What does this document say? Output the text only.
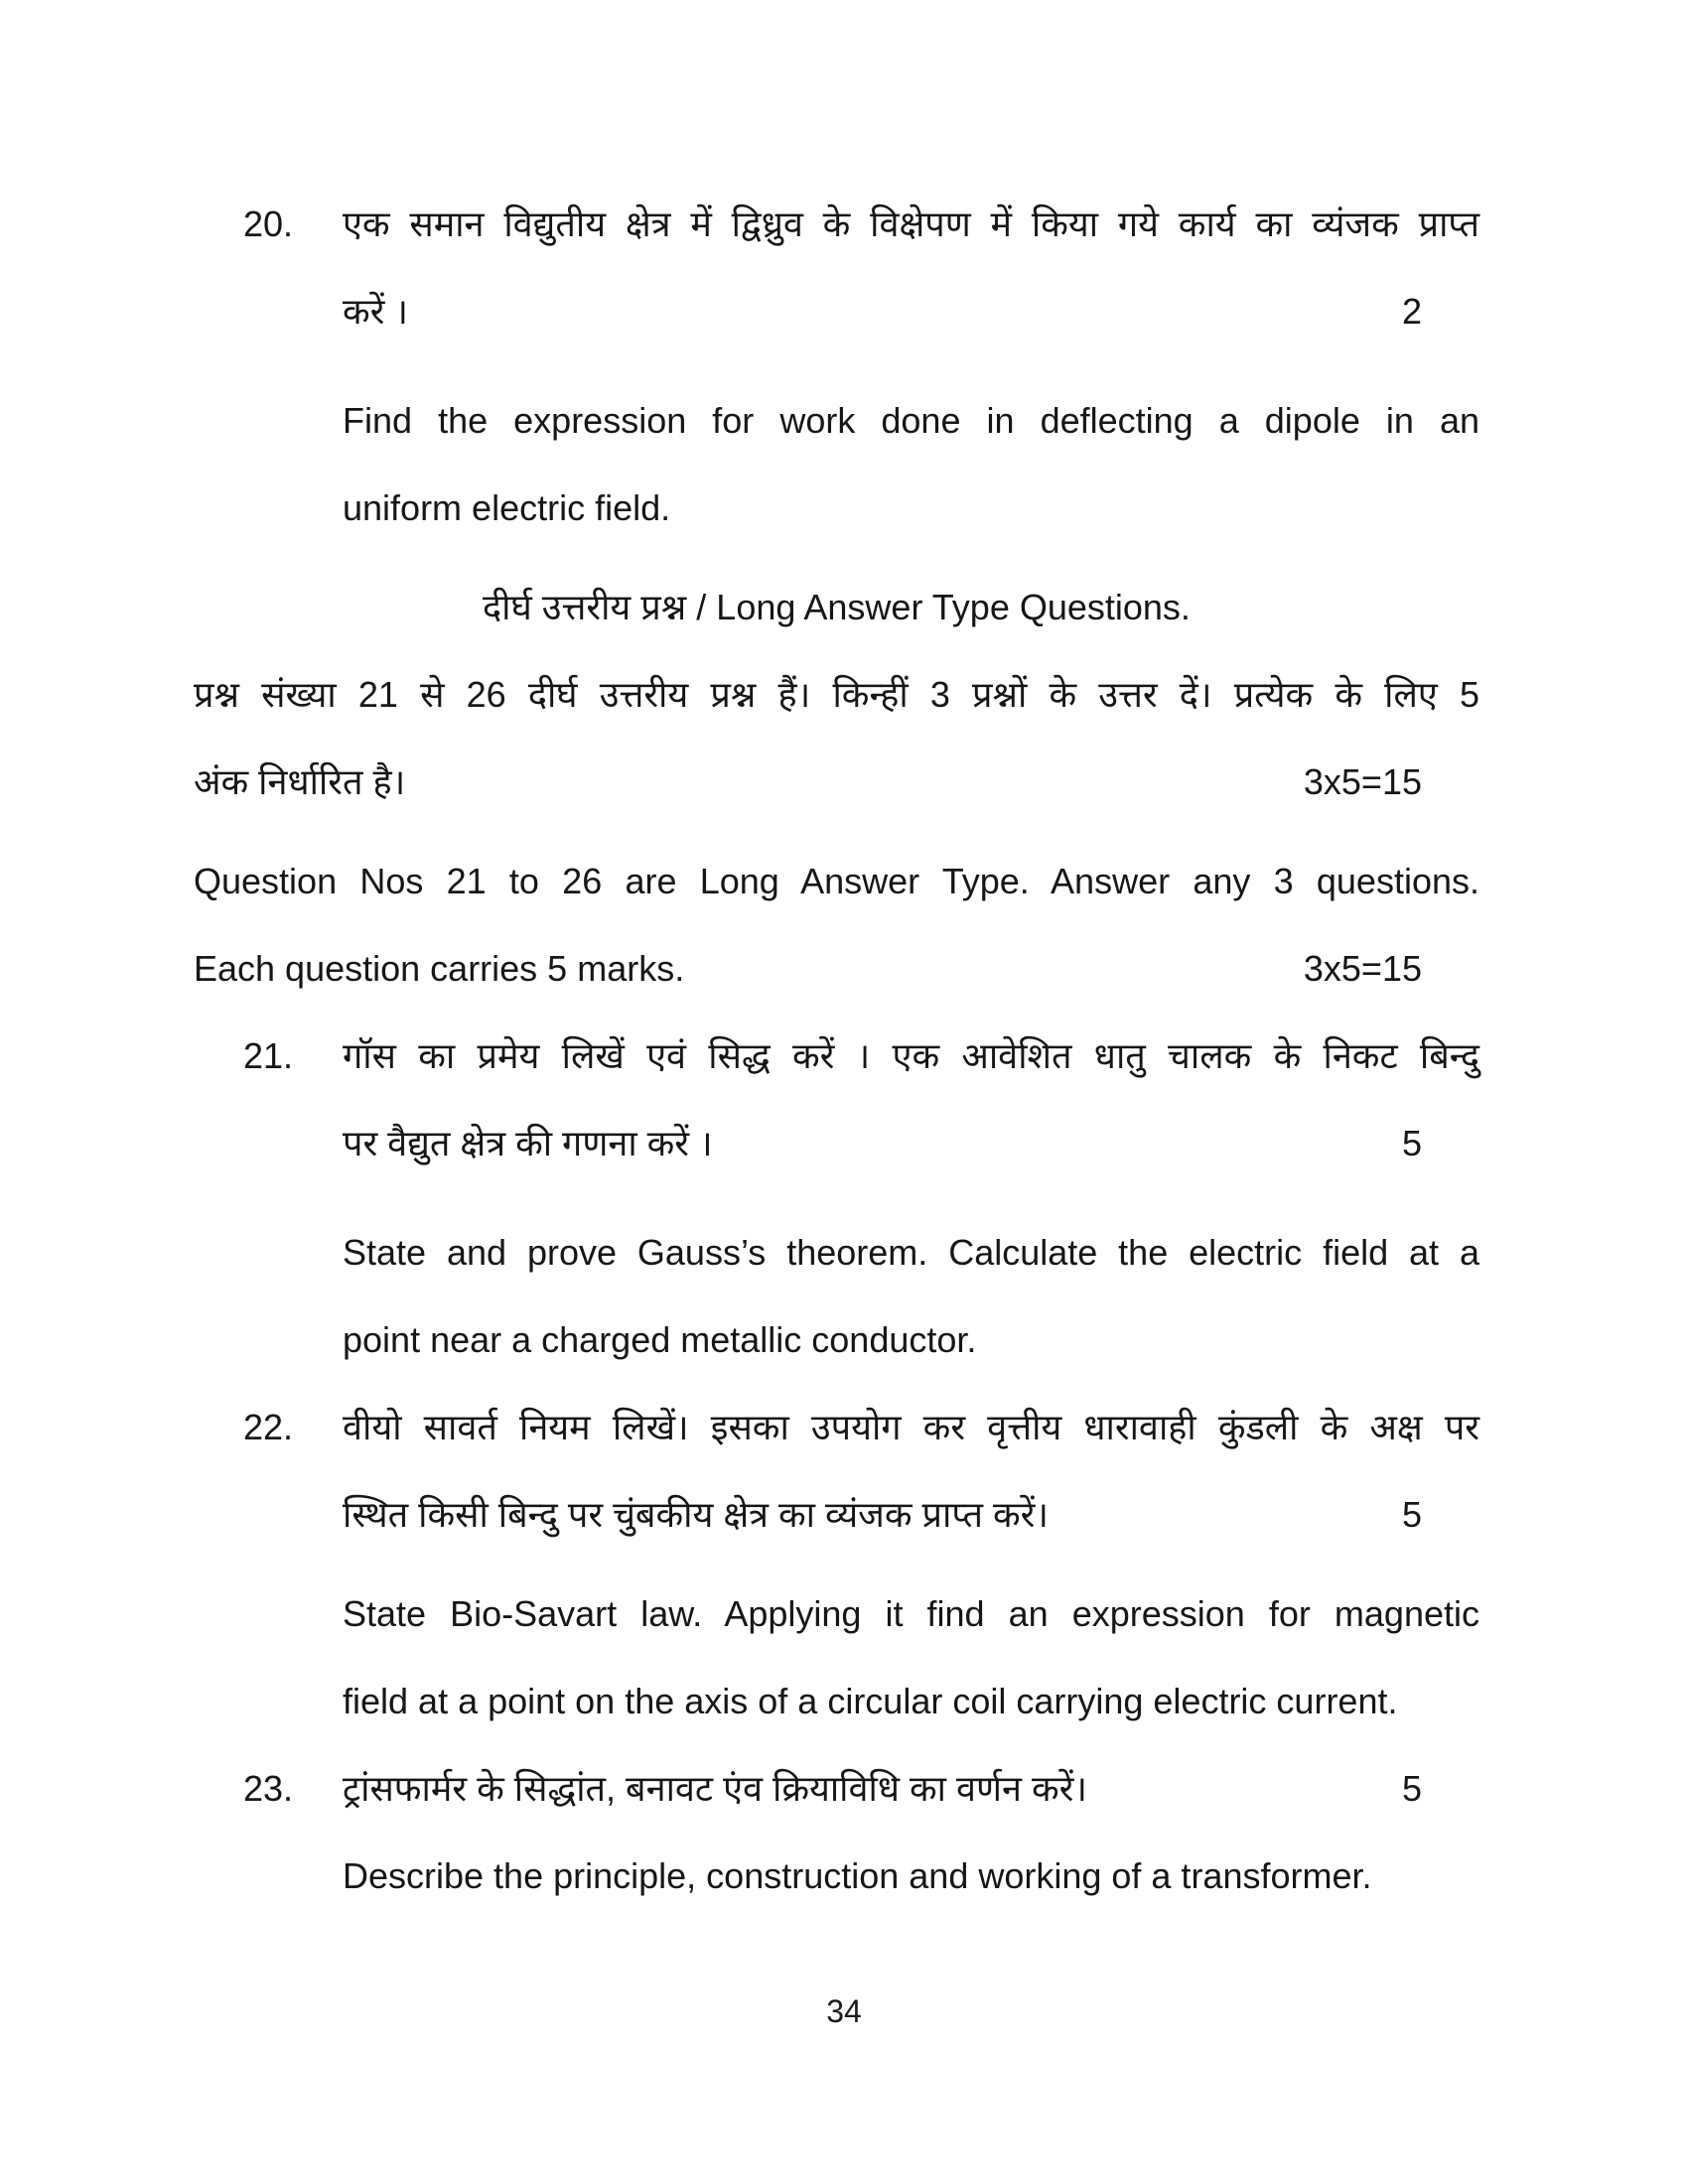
20. एक समान विद्युतीय क्षेत्र में द्विध्रुव के विक्षेपण में किया गये कार्य का व्यंजक प्राप्त
करें ।	2
Find the expression for work done in deflecting a dipole in an
uniform electric field.
दीर्घ उत्तरीय प्रश्न / Long Answer Type Questions.
प्रश्न संख्या 21 से 26 दीर्घ उत्तरीय प्रश्न हैं। किन्हीं 3 प्रश्नों के उत्तर दें। प्रत्येक के लिए 5
अंक निर्धारित है।	3x5=15
Question Nos 21 to 26 are Long Answer Type. Answer any 3 questions.
Each question carries 5 marks.	3x5=15
21. गॉस का प्रमेय लिखें एवं सिद्ध करें । एक आवेशित धातु चालक के निकट बिन्दु
पर वैद्युत क्षेत्र की गणना करें ।	5
State and prove Gauss’s theorem. Calculate the electric field at a
point near a charged metallic conductor.
22. वीयो सावर्त नियम लिखें। इसका उपयोग कर वृत्तीय धारावाही कुंडली के अक्ष पर
स्थित किसी बिन्दु पर चुंबकीय क्षेत्र का व्यंजक प्राप्त करें।	5
State Bio-Savart law. Applying it find an expression for magnetic
field at a point on the axis of a circular coil carrying electric current.
23. ट्रांसफार्मर के सिद्धांत, बनावट एंव क्रियाविधि का वर्णन करें।	5
Describe the principle, construction and working of a transformer.
34
